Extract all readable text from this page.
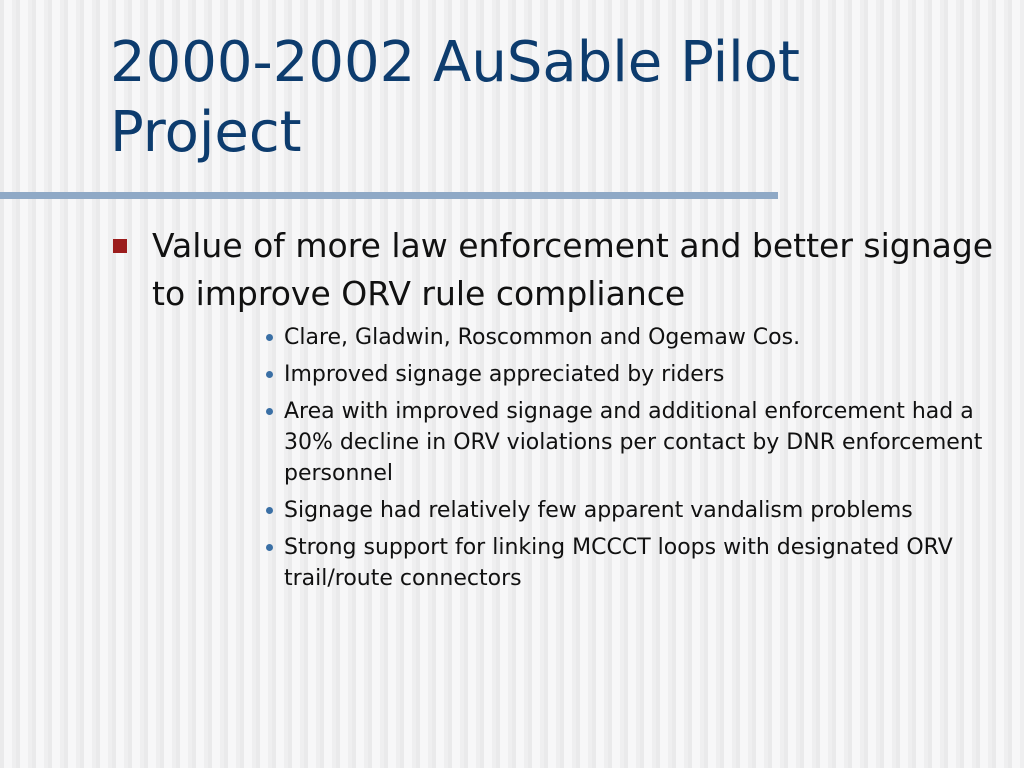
2000-2002 AuSable Pilot Project
Value of more law enforcement and better signage to improve ORV rule compliance
Clare, Gladwin, Roscommon and Ogemaw Cos.
Improved signage appreciated by riders
Area with improved signage and additional enforcement had a 30% decline in ORV violations per contact by DNR enforcement personnel
Signage had relatively few apparent vandalism problems
Strong support for linking MCCCT loops with designated ORV trail/route connectors
